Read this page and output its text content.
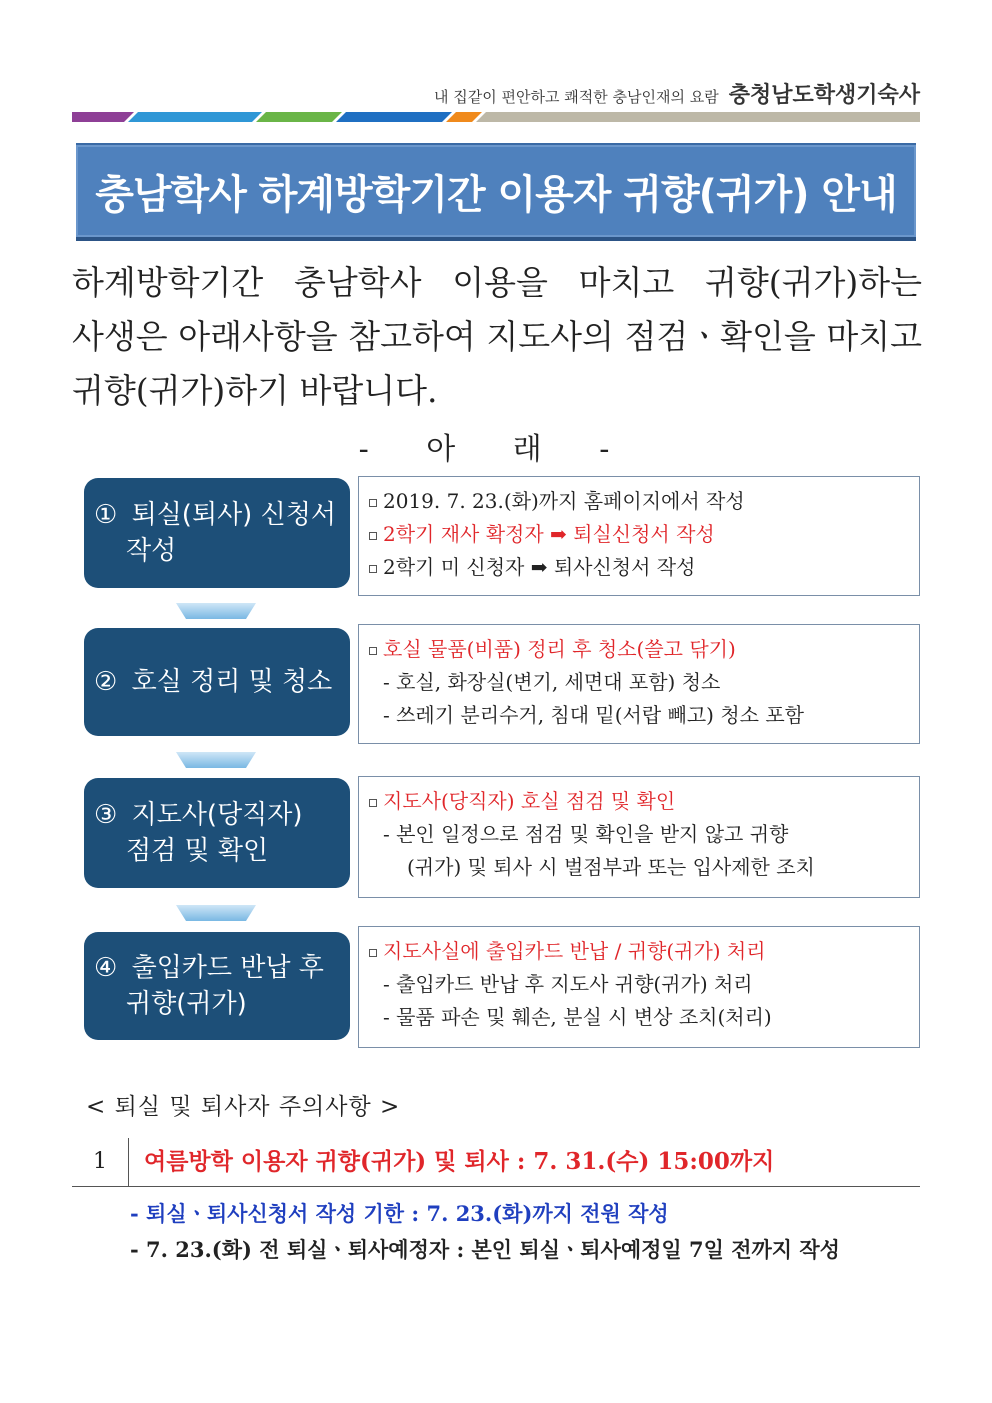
내 집같이 편안하고 쾌적한 충남인재의 요람 충청남도학생기숙사
충남학사 하계방학기간 이용자 귀향(귀가) 안내

하계방학기간 충남학사 이용을 마치고 귀향(귀가)하는

사생은 아래사항을 참고하여 지도사의 점검ㆍ확인을 마치고

귀향(귀가)하기 바랍니다.

- 아 래 -
① 퇴실(퇴사) 신청서
작성
2019. 7. 23.(화)까지 홈페이지에서 작성
2학기 재사 확정자 ➡ 퇴실신청서 작성
2학기 미 신청자 ➡ 퇴사신청서 작성
② 호실 정리 및 청소
호실 물품(비품) 정리 후 청소(쓸고 닦기)
- 호실, 화장실(변기, 세면대 포함) 청소
- 쓰레기 분리수거, 침대 밑(서랍 빼고) 청소 포함
③ 지도사(당직자)
점검 및 확인
지도사(당직자) 호실 점검 및 확인
- 본인 일정으로 점검 및 확인을 받지 않고 귀향
(귀가) 및 퇴사 시 벌점부과 또는 입사제한 조치
④ 출입카드 반납 후
귀향(귀가)
지도사실에 출입카드 반납 / 귀향(귀가) 처리
- 출입카드 반납 후 지도사 귀향(귀가) 처리
- 물품 파손 및 훼손, 분실 시 변상 조치(처리)
< 퇴실 및 퇴사자 주의사항 >
1	여름방학 이용자 귀향(귀가) 및 퇴사 : 7. 31.(수) 15:00까지
- 퇴실ㆍ퇴사신청서 작성 기한 : 7. 23.(화)까지 전원 작성
- 7. 23.(화) 전 퇴실ㆍ퇴사예정자 : 본인 퇴실ㆍ퇴사예정일 7일 전까지 작성
